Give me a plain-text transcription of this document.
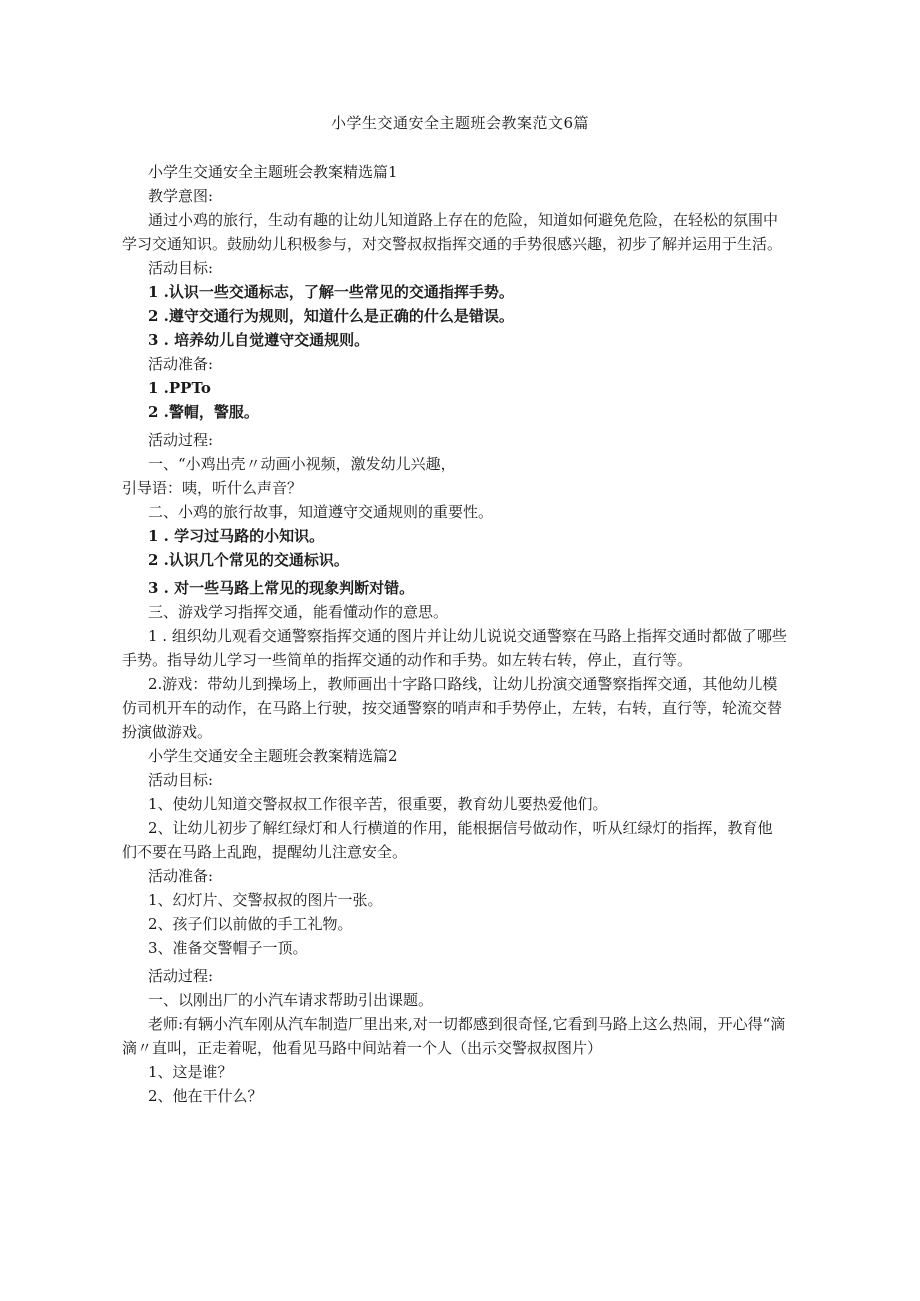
小学生交通安全主题班会教案范文6篇

小学生交通安全主题班会教案精选篇1

教学意图:

通过小鸡的旅行，生动有趣的让幼儿知道路上存在的危险，知道如何避免危险，在轻松的氛围中学习交通知识。鼓励幼儿积极参与，对交警叔叔指挥交通的手势很感兴趣，初步了解并运用于生活。

活动目标:

1 .认识一些交通标志，了解一些常见的交通指挥手势。

2 .遵守交通行为规则，知道什么是正确的什么是错误。

3 . 培养幼儿自觉遵守交通规则。

活动准备:

1 .PPTo

2 .警帽，警服。

活动过程:

一、“小鸡出壳〃动画小视频，激发幼儿兴趣，

引导语：咦，听什么声音？

二、小鸡的旅行故事，知道遵守交通规则的重要性。

1 . 学习过马路的小知识。

2 .认识几个常见的交通标识。

3 . 对一些马路上常见的现象判断对错。

三、游戏学习指挥交通，能看懂动作的意思。

1 . 组织幼儿观看交通警察指挥交通的图片并让幼儿说说交通警察在马路上指挥交通时都做了哪些手势。指导幼儿学习一些简单的指挥交通的动作和手势。如左转右转，停止，直行等。

2.游戏：带幼儿到操场上，教师画出十字路口路线，让幼儿扮演交通警察指挥交通，其他幼儿模仿司机开车的动作，在马路上行驶，按交通警察的哨声和手势停止，左转，右转，直行等，轮流交替扮演做游戏。

小学生交通安全主题班会教案精选篇2

活动目标:

1、使幼儿知道交警叔叔工作很辛苦，很重要，教育幼儿要热爱他们。

2、让幼儿初步了解红绿灯和人行横道的作用，能根据信号做动作，听从红绿灯的指挥，教育他们不要在马路上乱跑，提醒幼儿注意安全。

活动准备:

1、幻灯片、交警叔叔的图片一张。

2、孩子们以前做的手工礼物。

3、准备交警帽子一顶。

活动过程:

一、以刚出厂的小汽车请求帮助引出课题。

老师:有辆小汽车刚从汽车制造厂里出来,对一切都感到很奇怪,它看到马路上这么热闹，开心得“滴滴〃直叫，正走着呢，他看见马路中间站着一个人（出示交警叔叔图片）

1、这是谁？

2、他在干什么？
